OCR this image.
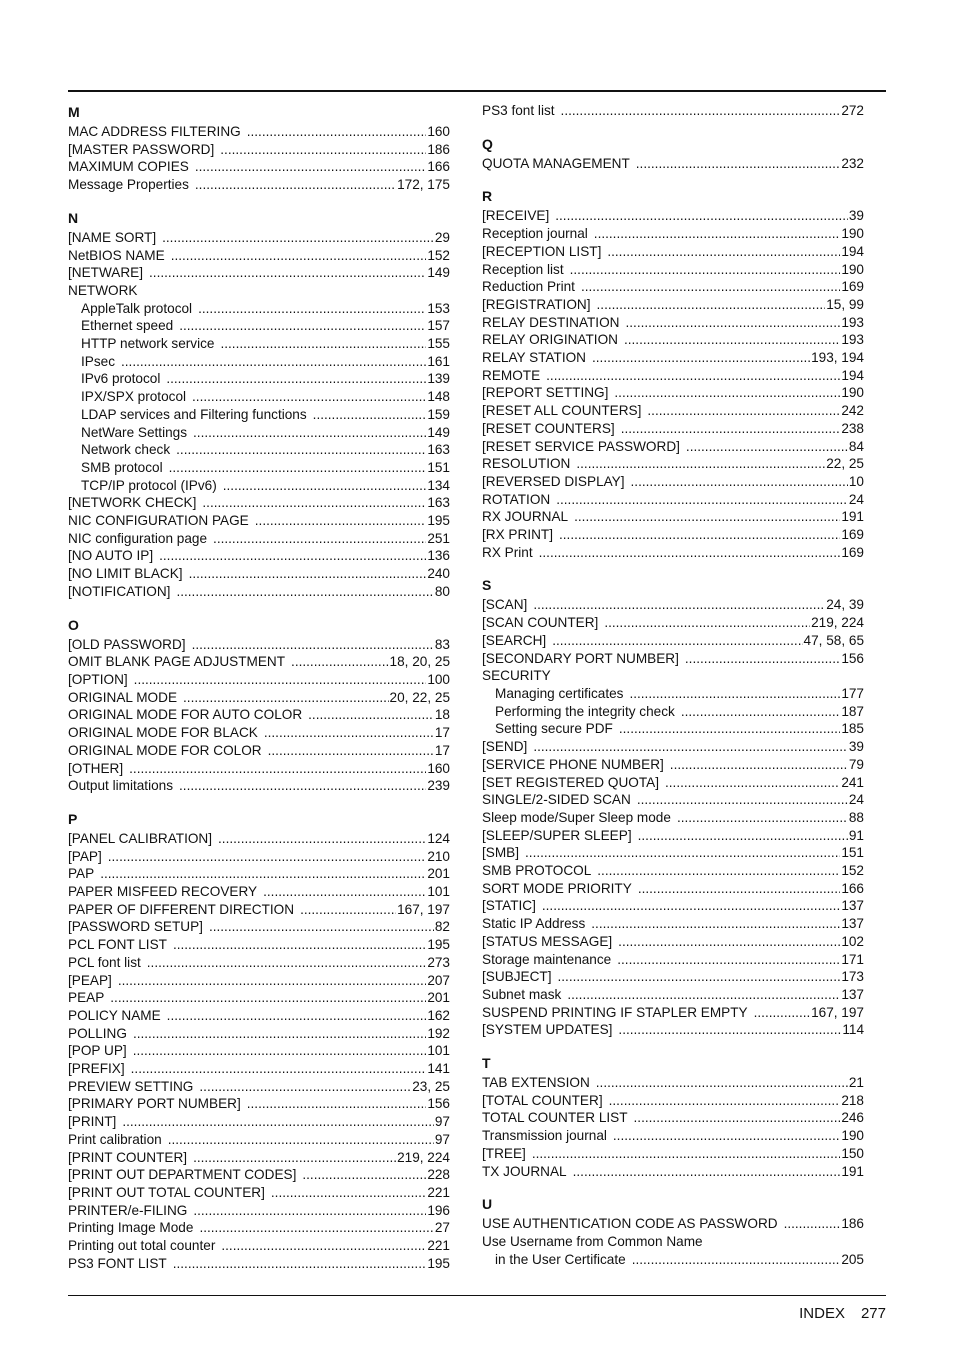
M
MAC ADDRESS FILTERING .....	160
[MASTER PASSWORD] .....	186
MAXIMUM COPIES .....	166
Message Properties .....	172, 175
N
[NAME SORT] .....	29
NetBIOS NAME .....	152
[NETWARE] .....	149
NETWORK
AppleTalk protocol .....	153
Ethernet speed .....	157
HTTP network service .....	155
IPsec .....	161
IPv6 protocol .....	139
IPX/SPX protocol .....	148
LDAP services and Filtering functions .....	159
NetWare Settings .....	149
Network check .....	163
SMB protocol .....	151
TCP/IP protocol (IPv6) .....	134
[NETWORK CHECK] .....	163
NIC CONFIGURATION PAGE .....	195
NIC configuration page .....	251
[NO AUTO IP] .....	136
[NO LIMIT BLACK] .....	240
[NOTIFICATION] .....	80
O
[OLD PASSWORD] .....	83
OMIT BLANK PAGE ADJUSTMENT .....	18, 20, 25
[OPTION] .....	100
ORIGINAL MODE .....	20, 22, 25
ORIGINAL MODE FOR AUTO COLOR .....	18
ORIGINAL MODE FOR BLACK .....	17
ORIGINAL MODE FOR COLOR .....	17
[OTHER] .....	160
Output limitations .....	239
P
[PANEL CALIBRATION] .....	124
[PAP] .....	210
PAP .....	201
PAPER MISFEED RECOVERY .....	101
PAPER OF DIFFERENT DIRECTION .....	167, 197
[PASSWORD SETUP] .....	82
PCL FONT LIST .....	195
PCL font list .....	273
[PEAP] .....	207
PEAP .....	201
POLICY NAME .....	162
POLLING .....	192
[POP UP] .....	101
[PREFIX] .....	141
PREVIEW SETTING .....	23, 25
[PRIMARY PORT NUMBER] .....	156
[PRINT] .....	97
Print calibration .....	97
[PRINT COUNTER] .....	219, 224
[PRINT OUT DEPARTMENT CODES] .....	228
[PRINT OUT TOTAL COUNTER] .....	221
PRINTER/e-FILING .....	196
Printing Image Mode .....	27
Printing out total counter .....	221
PS3 FONT LIST .....	195
PS3 font list .....	272
Q
QUOTA MANAGEMENT .....	232
R
[RECEIVE] .....	39
Reception journal .....	190
[RECEPTION LIST] .....	194
Reception list .....	190
Reduction Print .....	169
[REGISTRATION] .....	15, 99
RELAY DESTINATION .....	193
RELAY ORIGINATION .....	193
RELAY STATION .....	193, 194
REMOTE .....	194
[REPORT SETTING] .....	190
[RESET ALL COUNTERS] .....	242
[RESET COUNTERS] .....	238
[RESET SERVICE PASSWORD] .....	84
RESOLUTION .....	22, 25
[REVERSED DISPLAY] .....	10
ROTATION .....	24
RX JOURNAL .....	191
[RX PRINT] .....	169
RX Print .....	169
S
[SCAN] .....	24, 39
[SCAN COUNTER] .....	219, 224
[SEARCH] .....	47, 58, 65
[SECONDARY PORT NUMBER] .....	156
SECURITY
Managing certificates .....	177
Performing the integrity check .....	187
Setting secure PDF .....	185
[SEND] .....	39
[SERVICE PHONE NUMBER] .....	79
[SET REGISTERED QUOTA] .....	241
SINGLE/2-SIDED SCAN .....	24
Sleep mode/Super Sleep mode .....	88
[SLEEP/SUPER SLEEP] .....	91
[SMB] .....	151
SMB PROTOCOL .....	152
SORT MODE PRIORITY .....	166
[STATIC] .....	137
Static IP Address .....	137
[STATUS MESSAGE] .....	102
Storage maintenance .....	171
[SUBJECT] .....	173
Subnet mask .....	137
SUSPEND PRINTING IF STAPLER EMPTY .....	167, 197
[SYSTEM UPDATES] .....	114
T
TAB EXTENSION .....	21
[TOTAL COUNTER] .....	218
TOTAL COUNTER LIST .....	246
Transmission journal .....	190
[TREE] .....	150
TX JOURNAL .....	191
U
USE AUTHENTICATION CODE AS PASSWORD .....	186
Use Username from Common Name
in the User Certificate .....	205
INDEX 277
